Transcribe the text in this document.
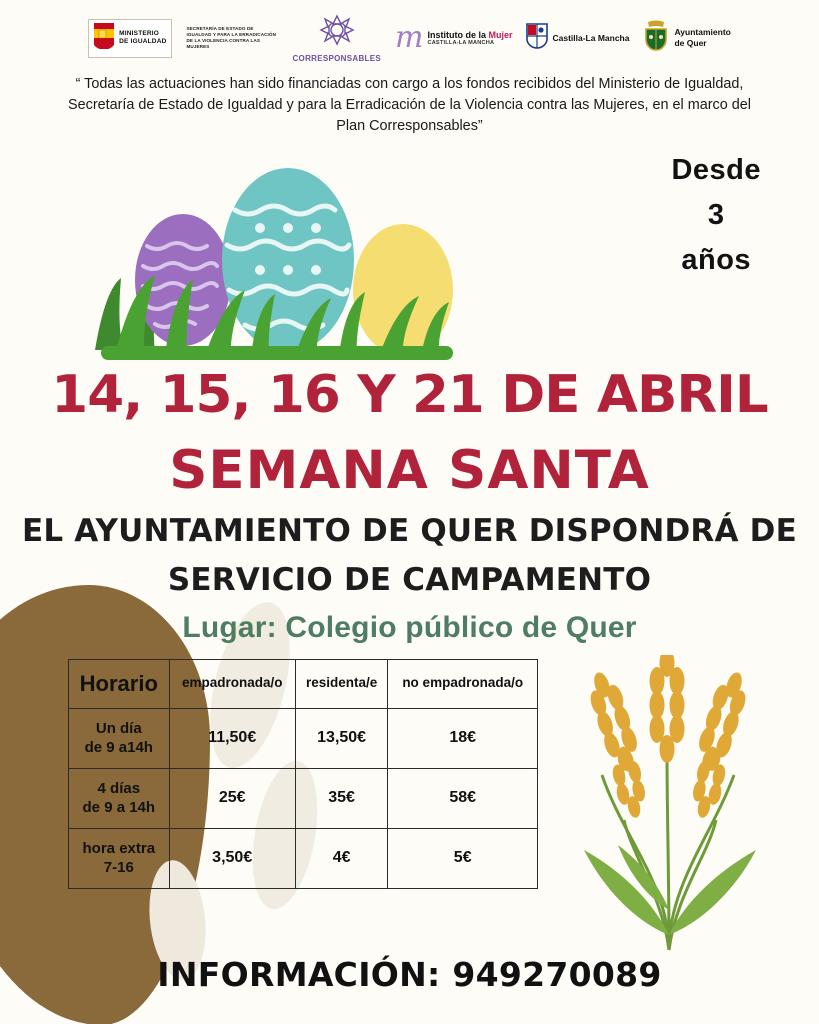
MINISTERIO
DE IGUALDAD
SECRETARÍA DE ESTADO DE IGUALDAD Y PARA LA ERRADICACIÓN DE LA VIOLENCIA CONTRA LAS MUJERES
CORRESPONSABLES
m Instituto de la Mujer
CASTILLA-LA MANCHA
Castilla-La Mancha
Ayuntamiento
de Quer
“ Todas las actuaciones han sido financiadas con cargo a los fondos recibidos del Ministerio de Igualdad, Secretaría de Estado de Igualdad y para la Erradicación de la Violencia contra las Mujeres, en el marco del Plan Corresponsables”
Desde
3
años
14, 15, 16 Y 21 DE ABRIL
SEMANA SANTA
EL AYUNTAMIENTO DE QUER DISPONDRÁ DE
SERVICIO DE CAMPAMENTO
Lugar: Colegio público de Quer
Horario	empadronada/o	residenta/e	no empadronada/o

Un día
de 9 a14h	11,50€	13,50€	18€

4 días
de 9 a 14h	25€	35€	58€

hora extra
7-16	3,50€	4€	5€
INFORMACIÓN: 949270089
